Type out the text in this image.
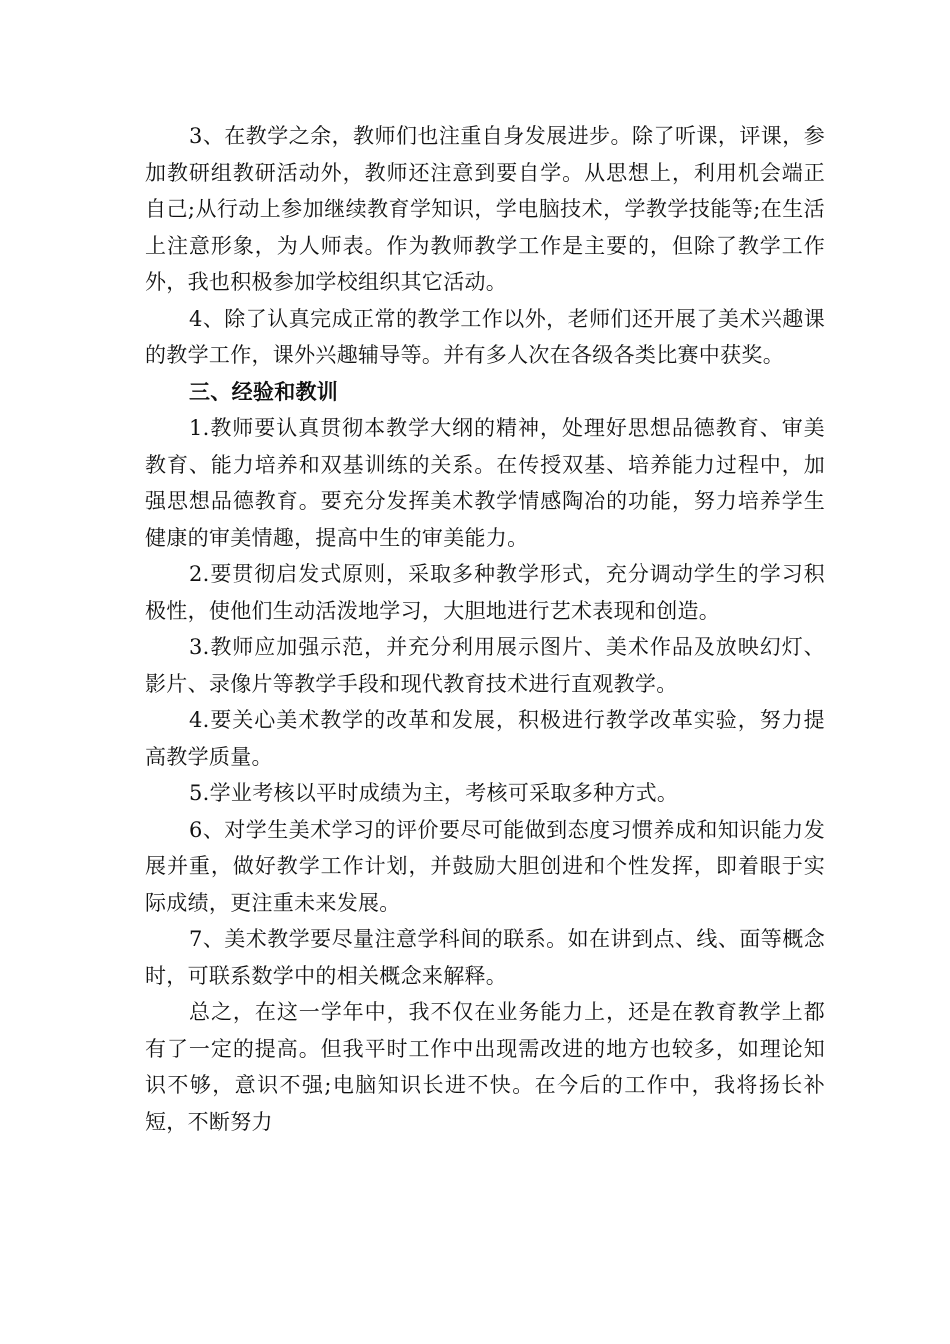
3、在教学之余，教师们也注重自身发展进步。除了听课，评课，参加教研组教研活动外，教师还注意到要自学。从思想上，利用机会端正自己;从行动上参加继续教育学知识，学电脑技术，学教学技能等;在生活上注意形象，为人师表。作为教师教学工作是主要的，但除了教学工作外，我也积极参加学校组织其它活动。

4、除了认真完成正常的教学工作以外，老师们还开展了美术兴趣课的教学工作，课外兴趣辅导等。并有多人次在各级各类比赛中获奖。

三、经验和教训

1.教师要认真贯彻本教学大纲的精神，处理好思想品德教育、审美教育、能力培养和双基训练的关系。在传授双基、培养能力过程中，加强思想品德教育。要充分发挥美术教学情感陶冶的功能，努力培养学生健康的审美情趣，提高中生的审美能力。

2.要贯彻启发式原则，采取多种教学形式，充分调动学生的学习积极性，使他们生动活泼地学习，大胆地进行艺术表现和创造。

3.教师应加强示范，并充分利用展示图片、美术作品及放映幻灯、影片、录像片等教学手段和现代教育技术进行直观教学。

4.要关心美术教学的改革和发展，积极进行教学改革实验，努力提高教学质量。

5.学业考核以平时成绩为主，考核可采取多种方式。

6、对学生美术学习的评价要尽可能做到态度习惯养成和知识能力发展并重，做好教学工作计划，并鼓励大胆创进和个性发挥，即着眼于实际成绩，更注重未来发展。

7、美术教学要尽量注意学科间的联系。如在讲到点、线、面等概念时，可联系数学中的相关概念来解释。

总之，在这一学年中，我不仅在业务能力上，还是在教育教学上都有了一定的提高。但我平时工作中出现需改进的地方也较多，如理论知识不够，意识不强;电脑知识长进不快。在今后的工作中，我将扬长补短，不断努力
